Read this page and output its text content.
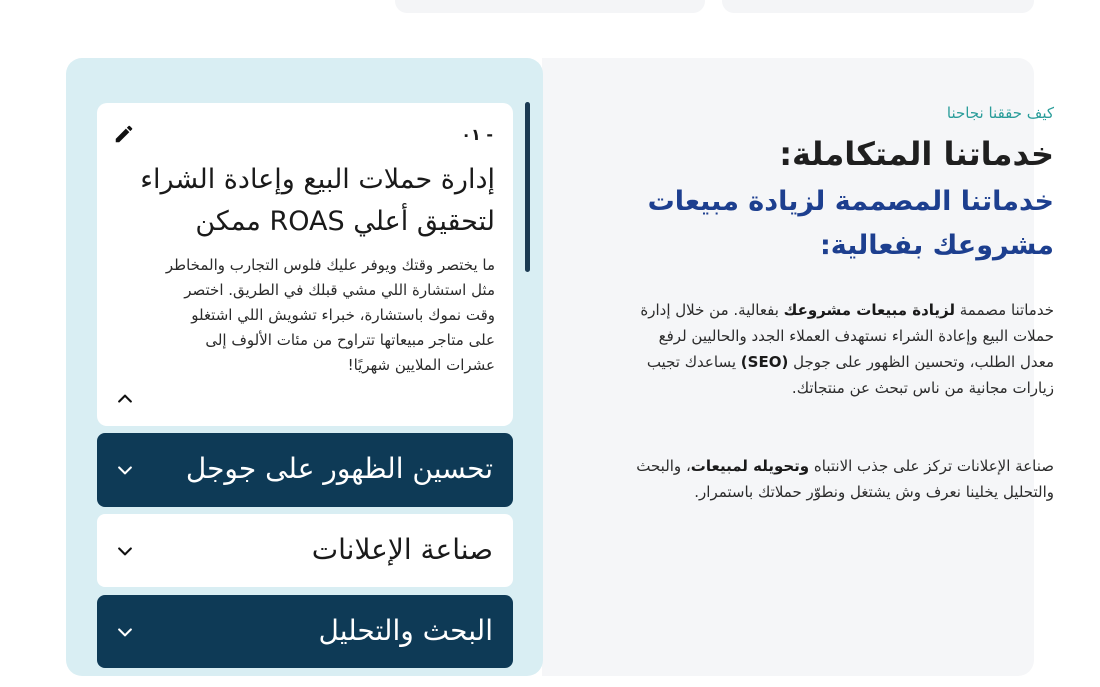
كيف حققنا نجاحنا
خدماتنا المتكاملة:
خدماتنا المصممة لزيادة مبيعات مشروعك بفعالية:

خدماتنا مصممة لزيادة مبيعات مشروعك بفعالية. من خلال إدارة حملات البيع وإعادة الشراء نستهدف العملاء الجدد والحاليين لرفع معدل الطلب، وتحسين الظهور على جوجل (SEO) يساعدك تجيب زيارات مجانية من ناس تبحث عن منتجاتك.

صناعة الإعلانات تركز على جذب الانتباه وتحويله لمبيعات، والبحث والتحليل يخلينا نعرف وش يشتغل ونطوّر حملاتك باستمرار.

- ٠١
إدارة حملات البيع وإعادة الشراء لتحقيق أعلي ROAS ممكن
ما يختصر وقتك ويوفر عليك فلوس التجارب والمخاطر مثل استشارة اللي مشي قبلك في الطريق. اختصر وقت نموك باستشارة، خبراء تشويش اللي اشتغلو على متاجر مبيعاتها تتراوح من مئات الألوف إلى عشرات الملايين شهريًا!
تحسين الظهور على جوجل
صناعة الإعلانات
البحث والتحليل
